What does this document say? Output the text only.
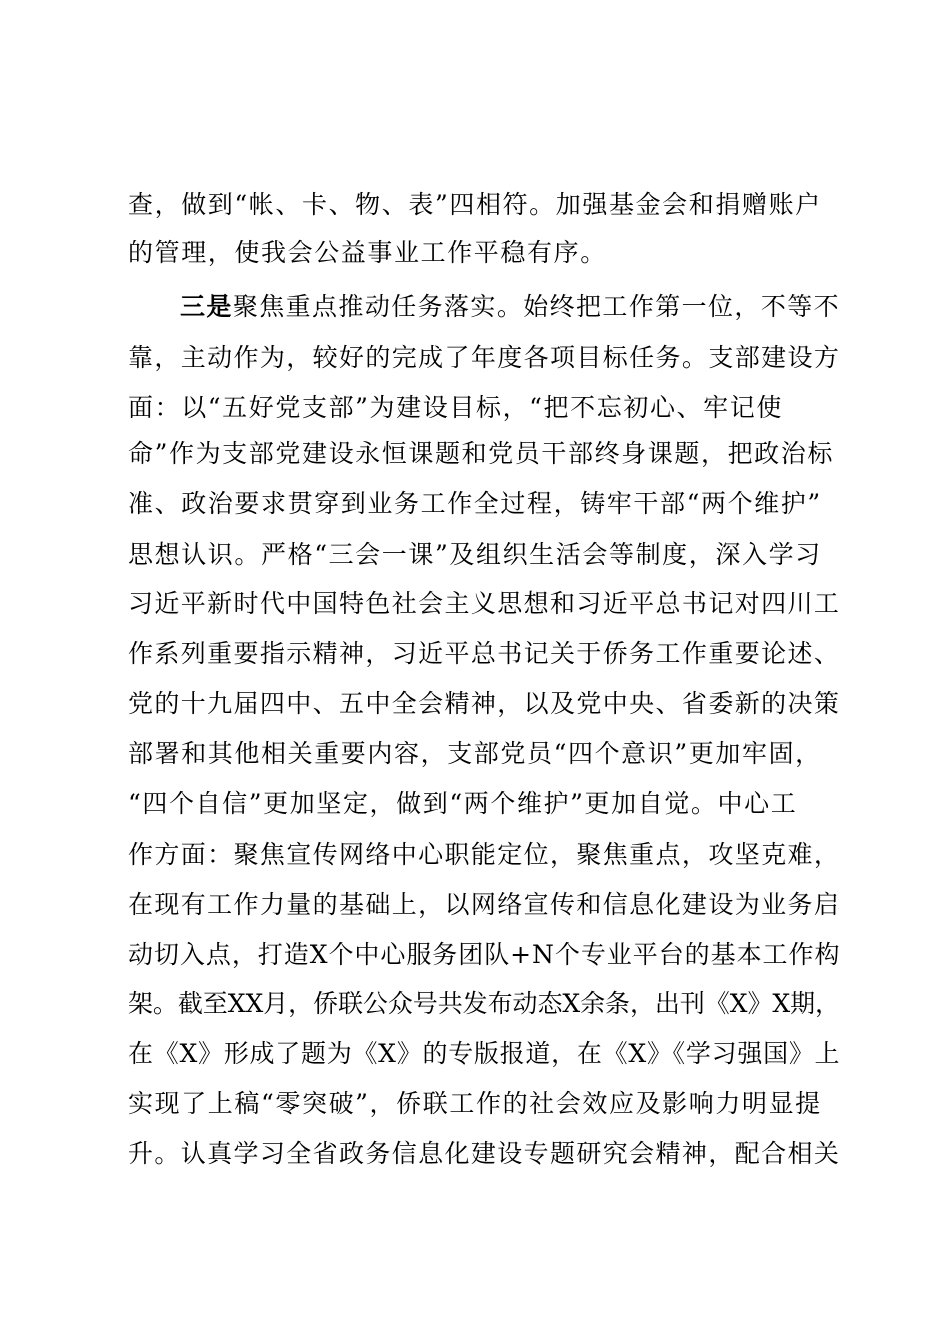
查，做到“帐、卡、物、表”四相符。加强基金会和捐赠账户
的管理，使我会公益事业工作平稳有序。
三是聚焦重点推动任务落实。始终把工作第一位，不等不
靠，主动作为，较好的完成了年度各项目标任务。支部建设方
面：以“五好党支部”为建设目标，“把不忘初心、牢记使
命”作为支部党建设永恒课题和党员干部终身课题，把政治标
准、政治要求贯穿到业务工作全过程，铸牢干部“两个维护”
思想认识。严格“三会一课”及组织生活会等制度，深入学习
习近平新时代中国特色社会主义思想和习近平总书记对四川工
作系列重要指示精神，习近平总书记关于侨务工作重要论述、
党的十九届四中、五中全会精神，以及党中央、省委新的决策
部署和其他相关重要内容，支部党员“四个意识”更加牢固，
“四个自信”更加坚定，做到“两个维护”更加自觉。中心工
作方面：聚焦宣传网络中心职能定位，聚焦重点，攻坚克难，
在现有工作力量的基础上，以网络宣传和信息化建设为业务启
动切入点，打造X个中心服务团队+N个专业平台的基本工作构
架。截至XX月，侨联公众号共发布动态X余条，出刊《X》X期，
在《X》形成了题为《X》的专版报道，在《X》《学习强国》上
实现了上稿“零突破”，侨联工作的社会效应及影响力明显提
升。认真学习全省政务信息化建设专题研究会精神，配合相关
